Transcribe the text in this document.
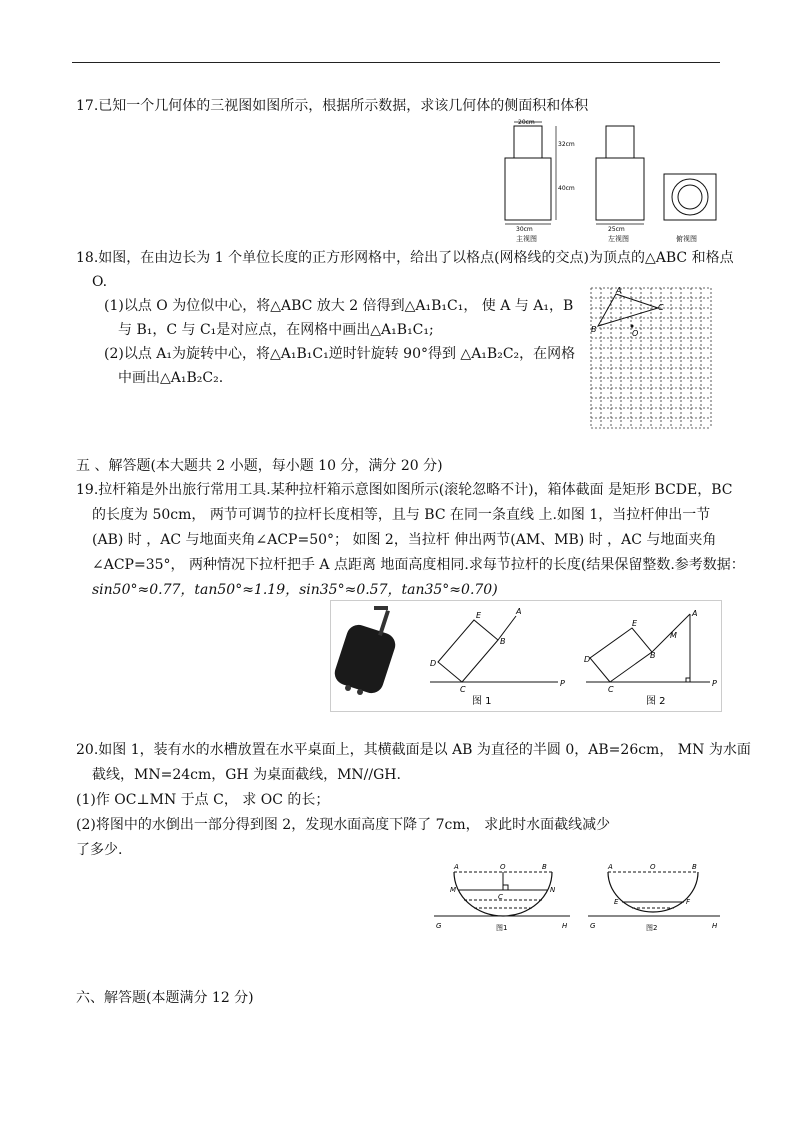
17.已知一个几何体的三视图如图所示，根据所示数据，求该几何体的侧面积和体积
20cm
32cm
40cm
30cm
主视图
25cm
左视图	俯视图
18.如图，在由边长为 1 个单位长度的正方形网格中，给出了以格点(网格线的交点)为顶点的△ABC 和格点
O.
(1)以点 O 为位似中心，将△ABC 放大 2 倍得到△A₁B₁C₁， 使 A 与 A₁，B
与 B₁，C 与 C₁是对应点，在网格中画出△A₁B₁C₁;
(2)以点 A₁为旋转中心，将△A₁B₁C₁逆时针旋转 90°得到 △A₁B₂C₂，在网格
中画出△A₁B₂C₂.
A
B
C
O
五 、解答题(本大题共 2 小题，每小题 10 分，满分 20 分)
19.拉杆箱是外出旅行常用工具.某种拉杆箱示意图如图所示(滚轮忽略不计)，箱体截面 是矩形 BCDE，BC
的长度为 50cm， 两节可调节的拉杆长度相等，且与 BC 在同一条直线 上.如图 1，当拉杆伸出一节
(AB) 时 ，AC 与地面夹角∠ACP=50°； 如图 2，当拉杆 伸出两节(AM、MB) 时 ，AC 与地面夹角
∠ACP=35°， 两种情况下拉杆把手 A 点距离 地面高度相同.求每节拉杆的长度(结果保留整数.参考数据：
sin50°≈0.77，tan50°≈1.19，sin35°≈0.57，tan35°≈0.70)
A
B
C
D
E
P
图 1
A
M
B
C
D
E
P
图 2
20.如图 1，装有水的水槽放置在水平桌面上，其横截面是以 AB 为直径的半圆 0，AB=26cm， MN 为水面
截线，MN=24cm，GH 为桌面截线，MN//GH.
(1)作 OC⊥MN 于点 C， 求 OC 的长；
(2)将图中的水倒出一部分得到图 2，发现水面高度下降了 7cm， 求此时水面截线减少
了多少.
A	O	B
M	N
C
G	H
图1
A	O	B
E	F
G	H
图2
六、解答题(本题满分 12 分)
